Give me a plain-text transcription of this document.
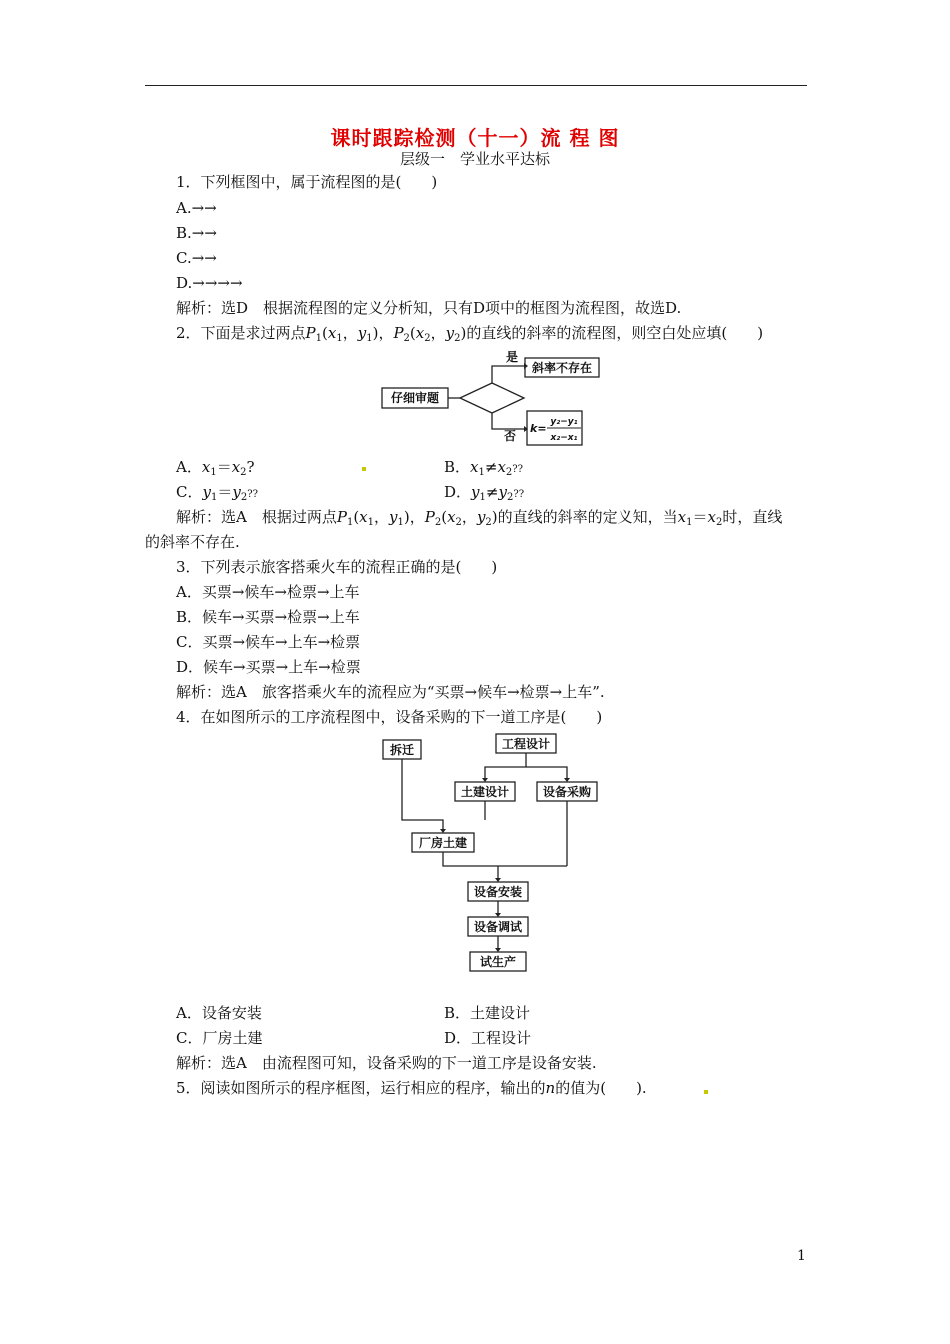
课时跟踪检测（十一）流 程 图
层级一　学业水平达标
1．下列框图中，属于流程图的是(　　)
A.→→
B.→→
C.→→
D.→→→→
解析：选D　根据流程图的定义分析知，只有D项中的框图为流程图，故选D.
2．下面是求过两点$P_1(x_1$，$y_1$)，$P_2(x_2$，$y_2$)的直线的斜率的流程图，则空白处应填(　　)
仔细审题
是
否
斜率不存在
k= y₂−y₁
x₂−x₁
A．$x_1=x_2$?	B．$x_1\ne x_2$??
C．$y_1=y_2$??	D．$y_1\ne y_2$??
解析：选A　根据过两点$P_1(x_1$，$y_1$)，$P_2(x_2$，$y_2$)的直线的斜率的定义知，当$x_1=x_2$时，直线
的斜率不存在.
3．下列表示旅客搭乘火车的流程正确的是(　　)
A．买票→候车→检票→上车
B．候车→买票→检票→上车
C．买票→候车→上车→检票
D．候车→买票→上车→检票
解析：选A　旅客搭乘火车的流程应为“买票→候车→检票→上车”.
4．在如图所示的工序流程图中，设备采购的下一道工序是(　　)
拆迁	工程设计
土建设计	设备采购
厂房土建
设备安装
设备调试
试生产
A．设备安装	B．土建设计
C．厂房土建	D．工程设计
解析：选A　由流程图可知，设备采购的下一道工序是设备安装.
5．阅读如图所示的程序框图，运行相应的程序，输出的n的值为(　　).
1
